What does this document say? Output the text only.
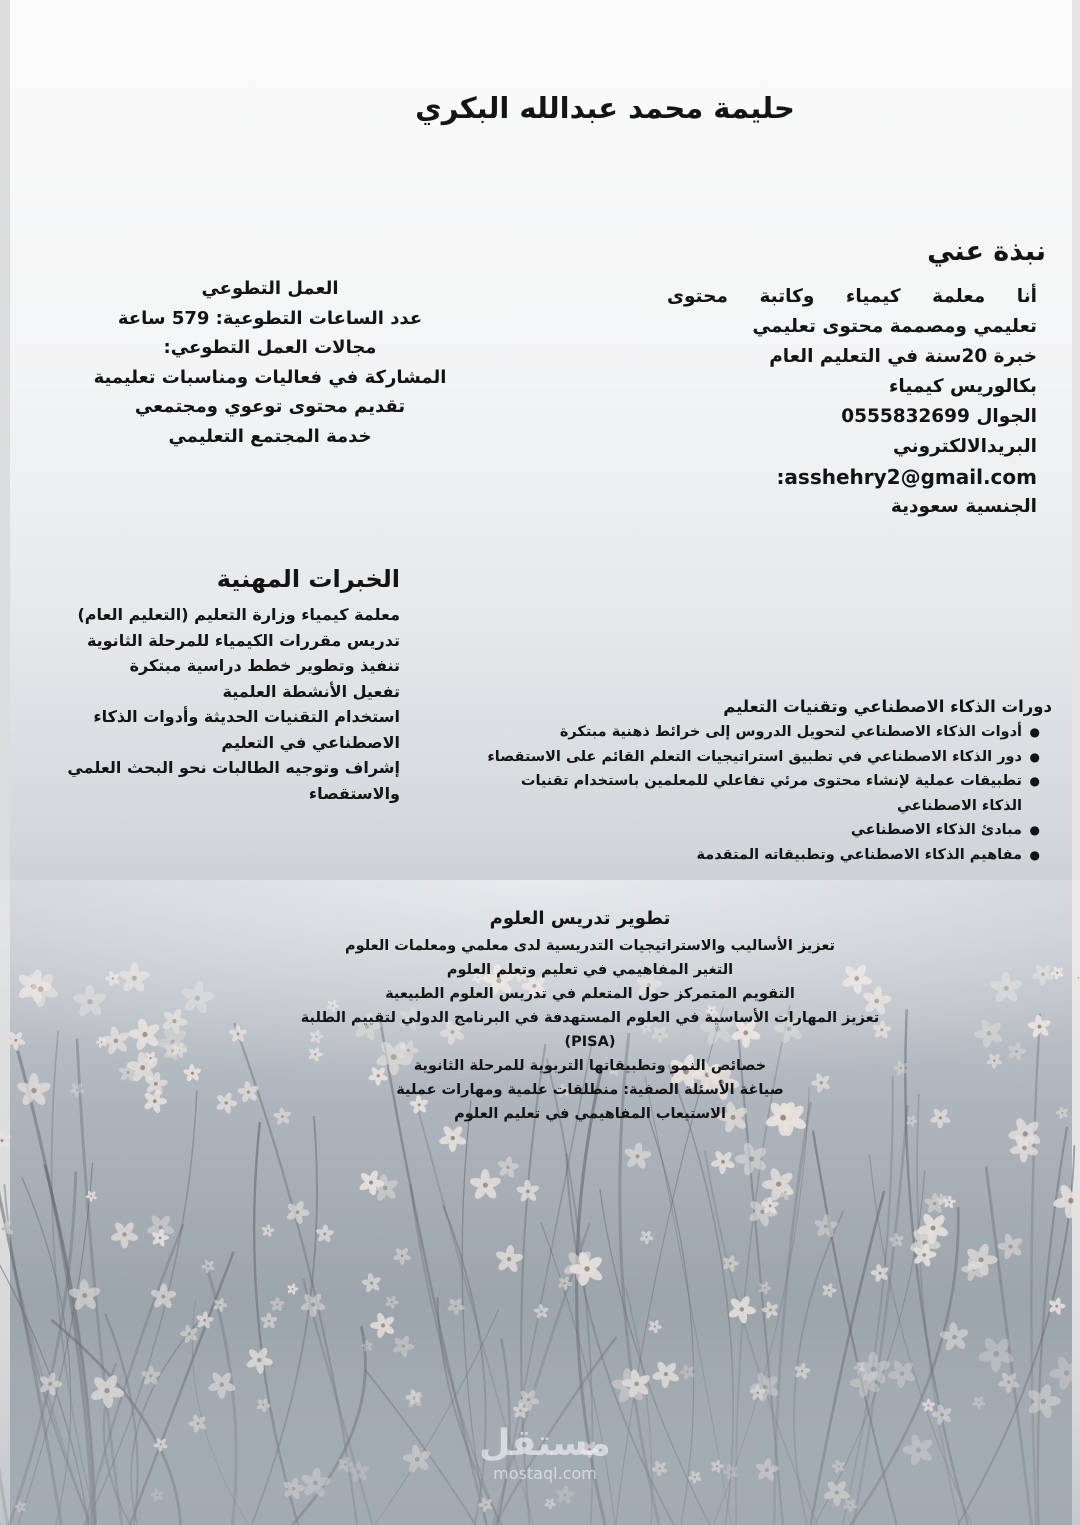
حليمة محمد عبدالله البكري
نبذة عني
أنا معلمة كيمياء وكاتبة محتوى
تعليمي ومصممة محتوى تعليمي
خبرة 20سنة في التعليم العام
بكالوريس كيمياء
الجوال 0555832699
البريدالالكتروني
:asshehry2@gmail.com
الجنسية سعودية
العمل التطوعي
عدد الساعات التطوعية: 579 ساعة
مجالات العمل التطوعي:
المشاركة في فعاليات ومناسبات تعليمية
تقديم محتوى توعوي ومجتمعي
خدمة المجتمع التعليمي
الخبرات المهنية
معلمة كيمياء وزارة التعليم (التعليم العام)
تدريس مقررات الكيمياء للمرحلة الثانوية
تنفيذ وتطوير خطط دراسية مبتكرة
تفعيل الأنشطة العلمية
استخدام التقنيات الحديثة وأدوات الذكاء
الاصطناعي في التعليم
إشراف وتوجيه الطالبات نحو البحث العلمي
والاستقصاء
دورات الذكاء الاصطناعي وتقنيات التعليم
●
أدوات الذكاء الاصطناعي لتحويل الدروس إلى خرائط ذهنية مبتكرة
●
دور الذكاء الاصطناعي في تطبيق استراتيجيات التعلم القائم على الاستقصاء
●
تطبيقات عملية لإنشاء محتوى مرئي تفاعلي للمعلمين باستخدام تقنيات
الذكاء الاصطناعي
●
مبادئ الذكاء الاصطناعي
●
مفاهيم الذكاء الاصطناعي وتطبيقاته المتقدمة
تطوير تدريس العلوم
تعزيز الأساليب والاستراتيجيات التدريسية لدى معلمي ومعلمات العلوم
التغير المفاهيمي في تعليم وتعلم العلوم
التقويم المتمركز حول المتعلم في تدريس العلوم الطبيعية
تعزيز المهارات الأساسية في العلوم المستهدفة في البرنامج الدولي لتقييم الطلبة
(PISA)
خصائص النمو وتطبيقاتها التربوية للمرحلة الثانوية
صياغة الأسئلة الصفية: منطلقات علمية ومهارات عملية
الاستيعاب المفاهيمي في تعليم العلوم
مستقل
mostaql.com
